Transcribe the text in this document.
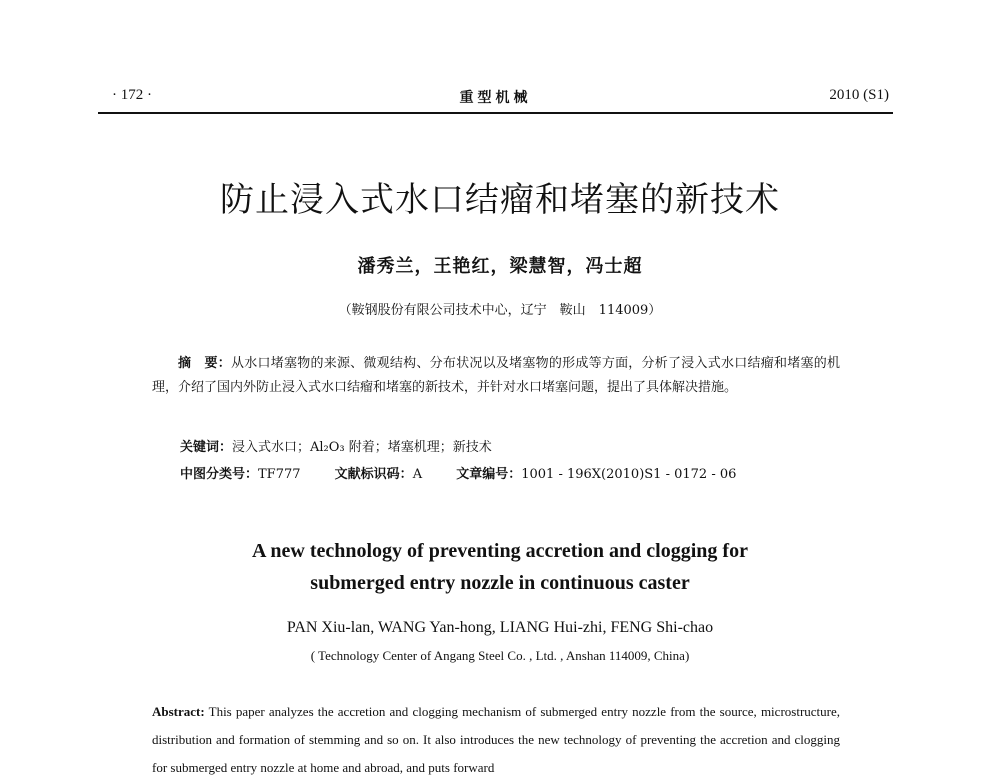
· 172 ·	重型机械	2010 (S1)
防止浸入式水口结瘤和堵塞的新技术
潘秀兰，王艳红，梁慧智，冯士超
（鞍钢股份有限公司技术中心，辽宁　鞍山　114009）
摘　要：从水口堵塞物的来源、微观结构、分布状况以及堵塞物的形成等方面，分析了浸入式水口结瘤和堵塞的机理，介绍了国内外防止浸入式水口结瘤和堵塞的新技术，并针对水口堵塞问题，提出了具体解决措施。
关键词：浸入式水口；Al₂O₃ 附着；堵塞机理；新技术
中图分类号：TF777	文献标识码：A	文章编号：1001 - 196X(2010)S1 - 0172 - 06
A new technology of preventing accretion and clogging for
submerged entry nozzle in continuous caster
PAN Xiu-lan, WANG Yan-hong, LIANG Hui-zhi, FENG Shi-chao
( Technology Center of Angang Steel Co. , Ltd. , Anshan 114009, China)
Abstract: This paper analyzes the accretion and clogging mechanism of submerged entry nozzle from the source, microstructure, distribution and formation of stemming and so on. It also introduces the new technology of preventing the accretion and clogging for submerged entry nozzle at home and abroad, and puts forward
